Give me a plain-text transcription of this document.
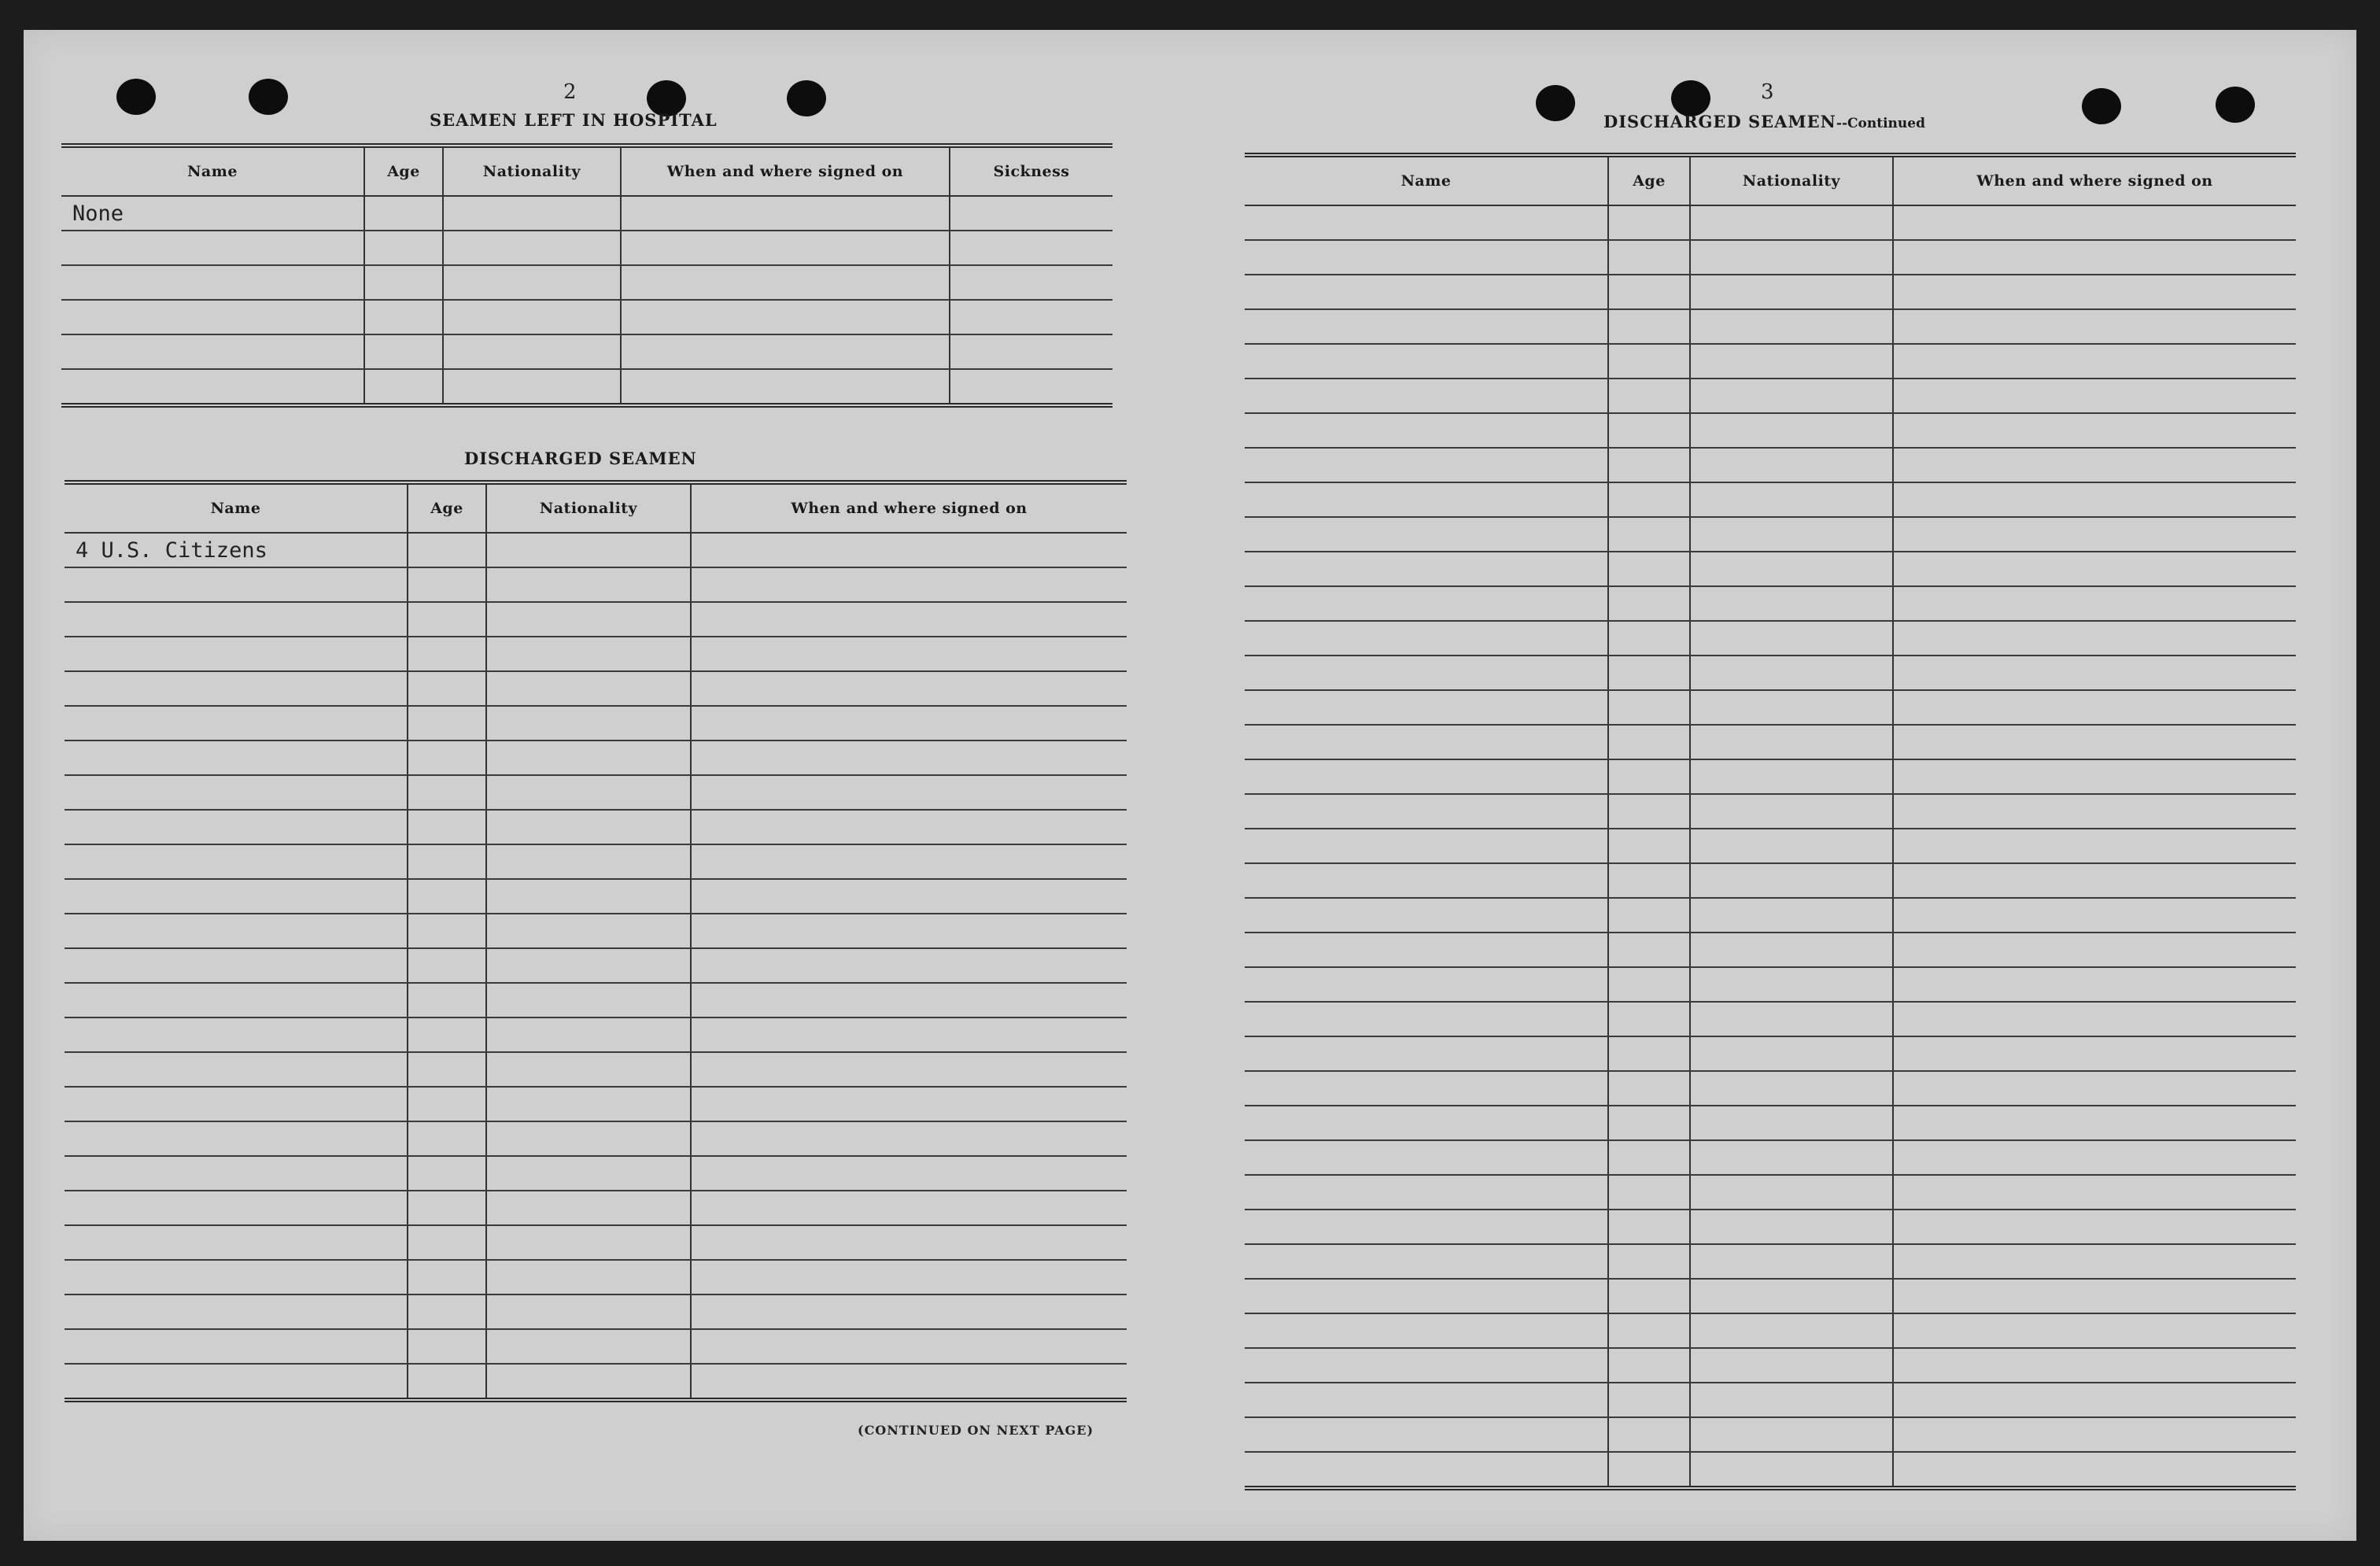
2
SEAMEN LEFT IN HOSPITAL
Name	Age	Nationality	When and where signed on	Sickness
None				

DISCHARGED SEAMEN
Name	Age	Nationality	When and where signed on
4 U.S. Citizens			

(CONTINUED ON NEXT PAGE)
3
DISCHARGED SEAMEN--Continued
Name	Age	Nationality	When and where signed on
